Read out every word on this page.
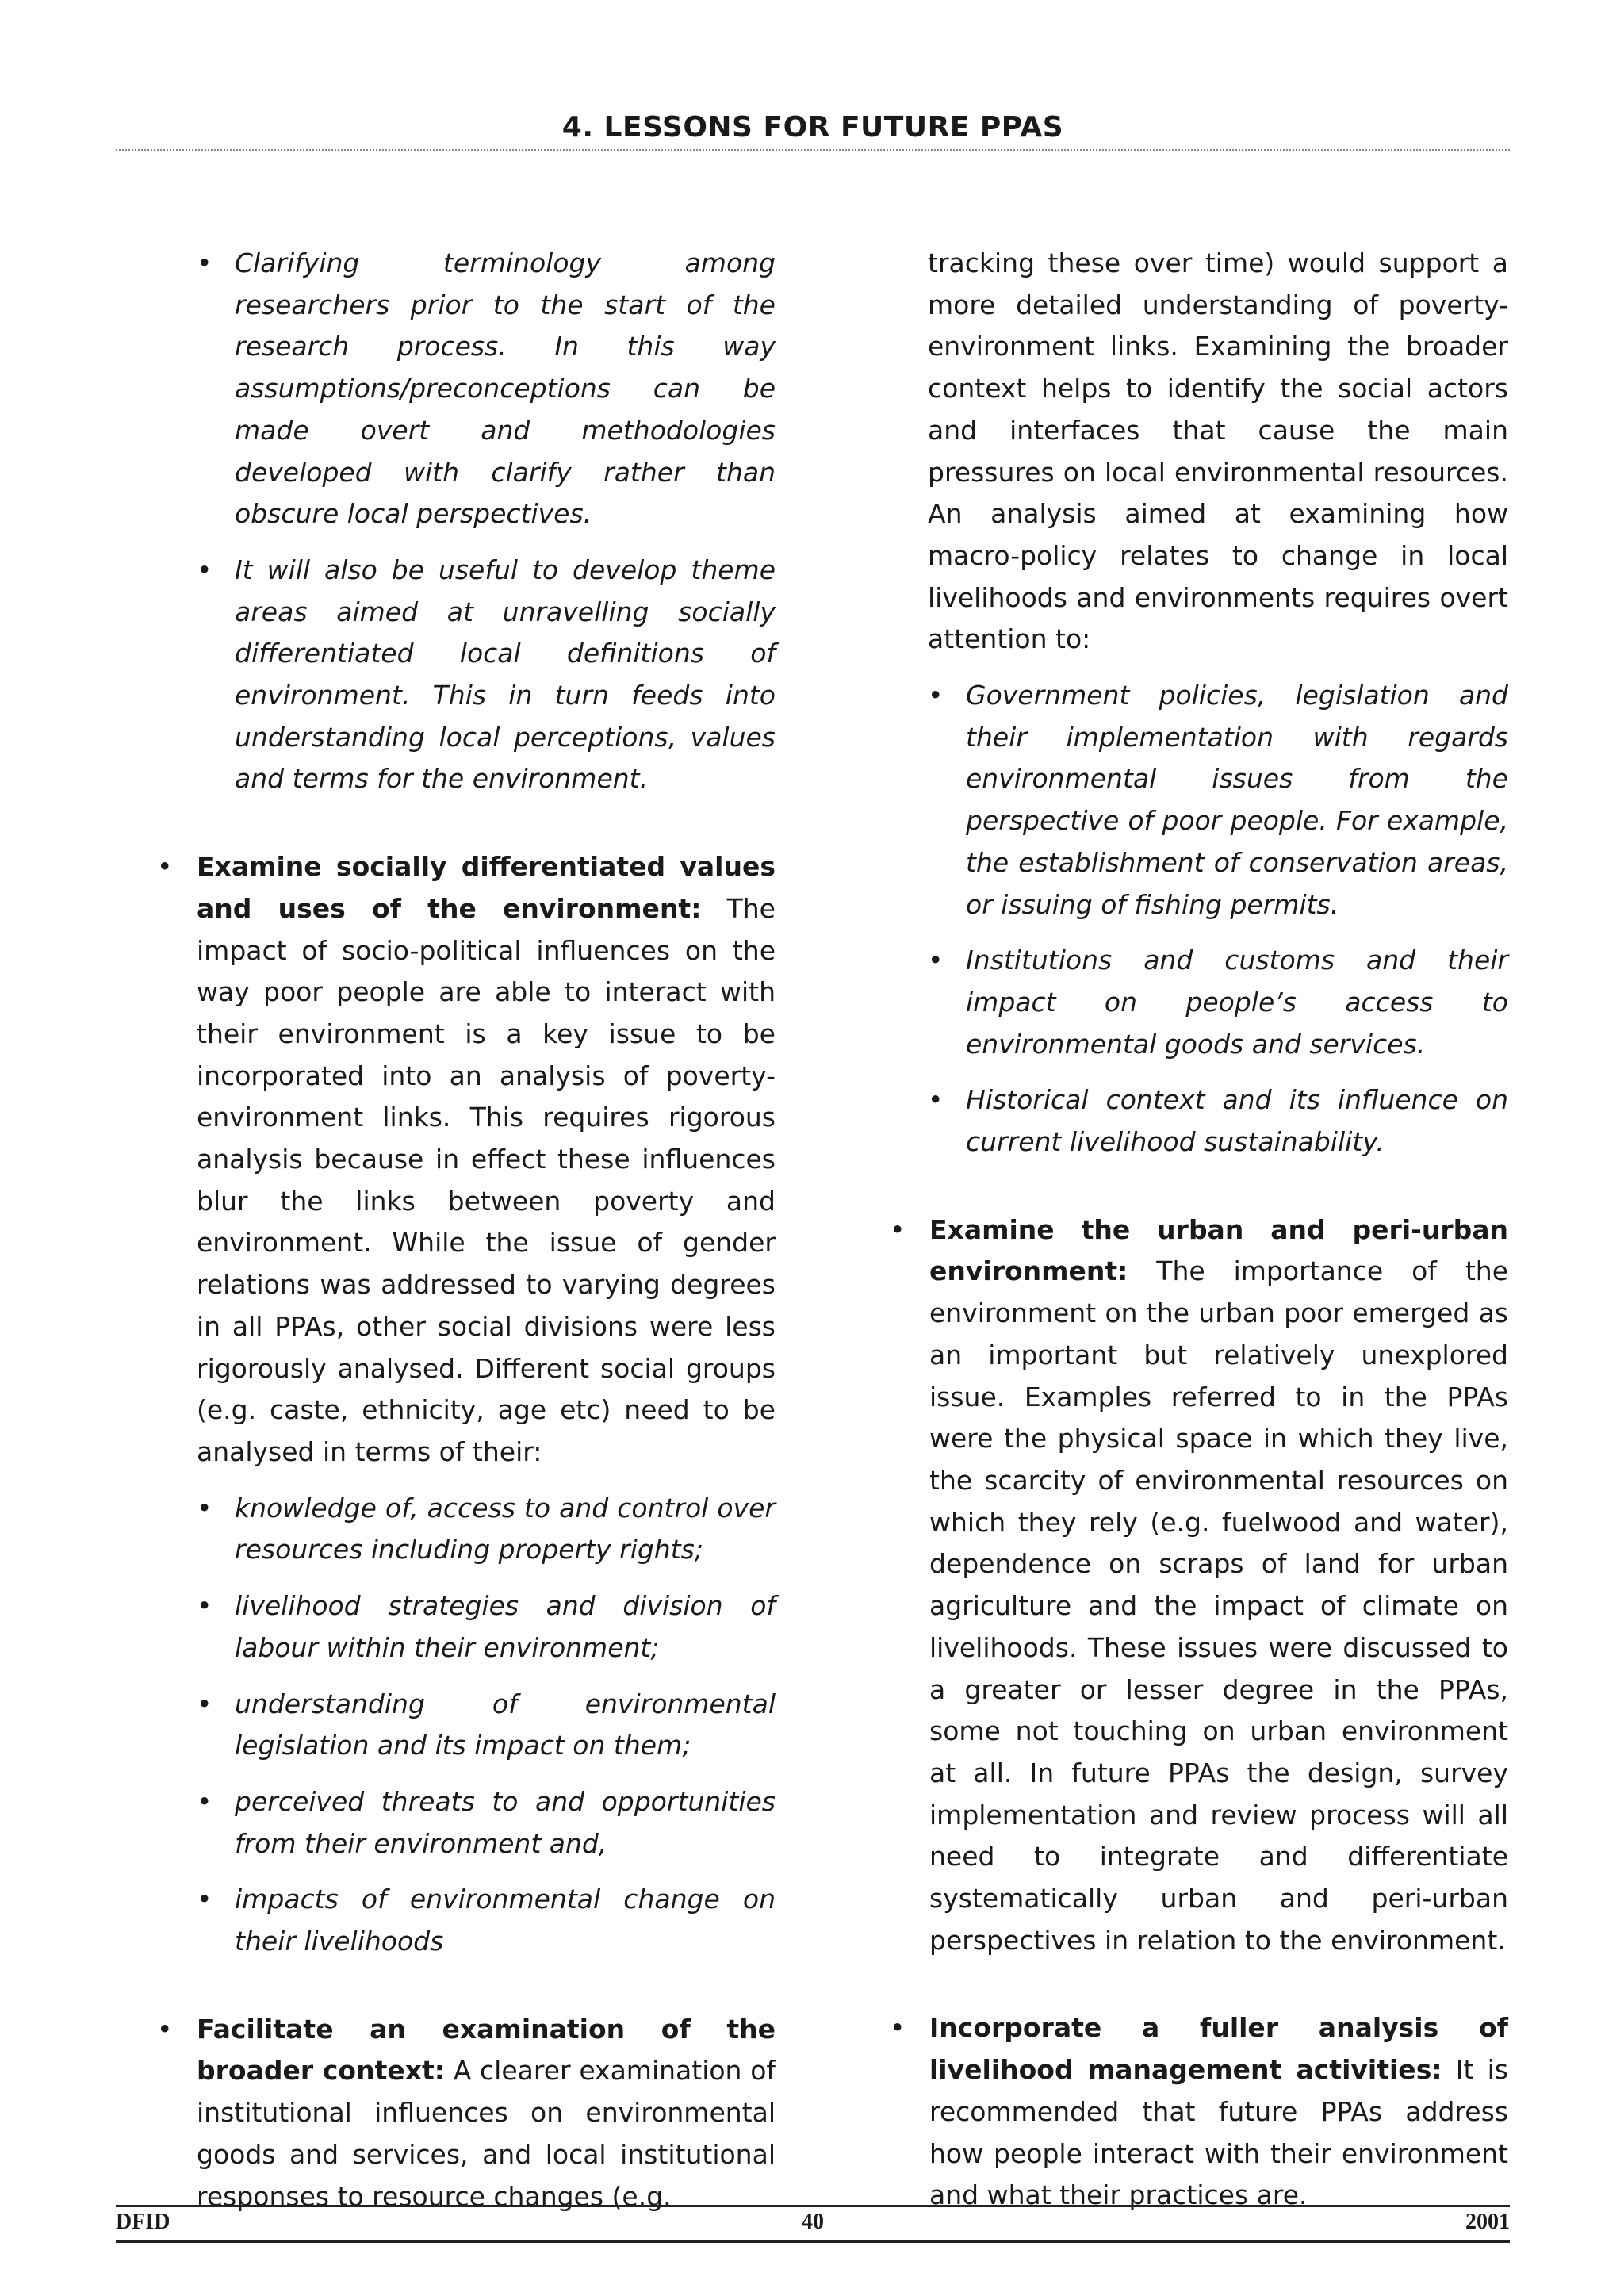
4. LESSONS FOR FUTURE PPAS
• Clarifying terminology among researchers prior to the start of the research process. In this way assumptions/preconceptions can be made overt and methodologies developed with clarify rather than obscure local perspectives.
• It will also be useful to develop theme areas aimed at unravelling socially differentiated local definitions of environment. This in turn feeds into understanding local perceptions, values and terms for the environment.
• Examine socially differentiated values and uses of the environment: The impact of socio-political influences on the way poor people are able to interact with their environment is a key issue to be incorporated into an analysis of poverty-environment links. This requires rigorous analysis because in effect these influences blur the links between poverty and environment. While the issue of gender relations was addressed to varying degrees in all PPAs, other social divisions were less rigorously analysed. Different social groups (e.g. caste, ethnicity, age etc) need to be analysed in terms of their:

• knowledge of, access to and control over resources including property rights;
• livelihood strategies and division of labour within their environment;
• understanding of environmental legislation and its impact on them;
• perceived threats to and opportunities from their environment and,
• impacts of environmental change on their livelihoods
• Facilitate an examination of the broader context: A clearer examination of institutional influences on environmental goods and services, and local institutional responses to resource changes (e.g.

tracking these over time) would support a more detailed understanding of poverty-environment links. Examining the broader context helps to identify the social actors and interfaces that cause the main pressures on local environmental resources. An analysis aimed at examining how macro-policy relates to change in local livelihoods and environments requires overt attention to:

• Government policies, legislation and their implementation with regards environmental issues from the perspective of poor people. For example, the establishment of conservation areas, or issuing of fishing permits.
• Institutions and customs and their impact on people’s access to environmental goods and services.
• Historical context and its influence on current livelihood sustainability.
• Examine the urban and peri-urban environment: The importance of the environment on the urban poor emerged as an important but relatively unexplored issue. Examples referred to in the PPAs were the physical space in which they live, the scarcity of environmental resources on which they rely (e.g. fuelwood and water), dependence on scraps of land for urban agriculture and the impact of climate on livelihoods. These issues were discussed to a greater or lesser degree in the PPAs, some not touching on urban environment at all. In future PPAs the design, survey implementation and review process will all need to integrate and differentiate systematically urban and peri-urban perspectives in relation to the environment.

• Incorporate a fuller analysis of livelihood management activities: It is recommended that future PPAs address how people interact with their environment and what their practices are.

DFID	40	2001
